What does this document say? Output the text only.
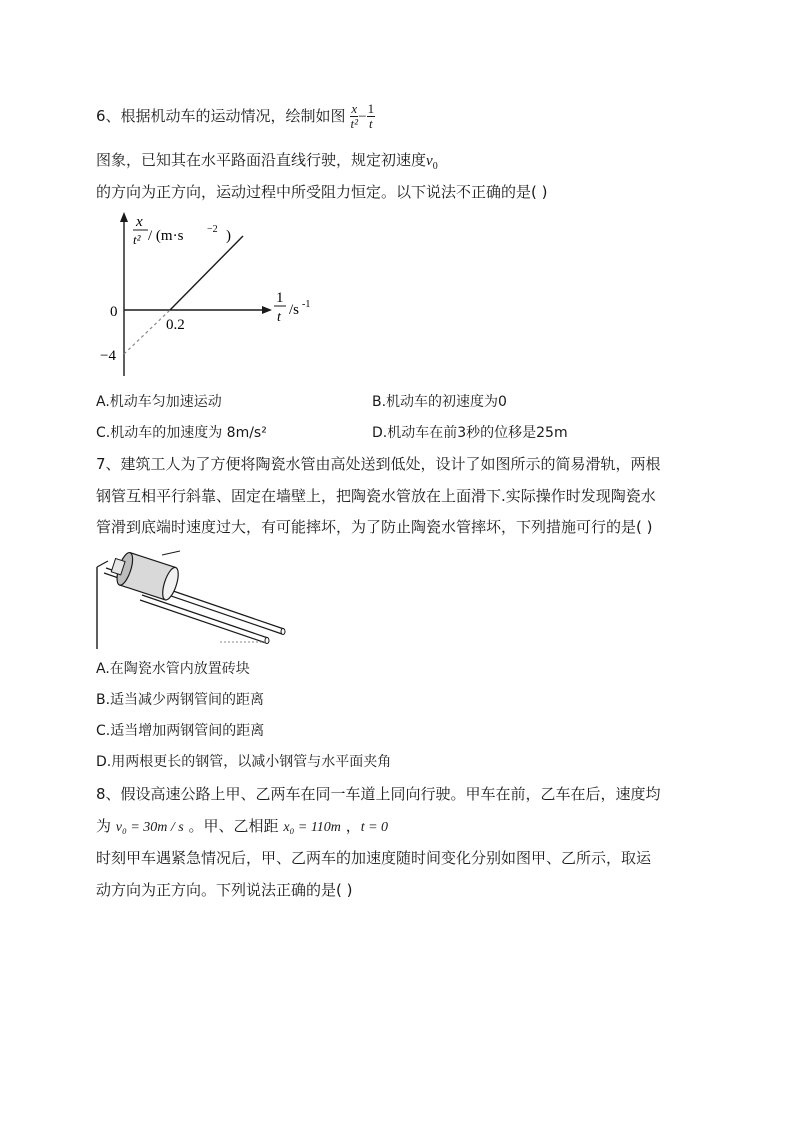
6、根据机动车的运动情况，绘制如图 $\frac{x}{\text{t²}} - \frac{1}{t}$
图象，已知其在水平路面沿直线行驶，规定初速度$v_0$
的方向为正方向，运动过程中所受阻力恒定。以下说法不正确的是( )
x
t² / (m·s −2 )
1
t /s -1
0
0.2
−4
A.机动车匀加速运动	B.机动车的初速度为0
C.机动车的加速度为 8m/s²	D.机动车在前3秒的位移是25m
7、建筑工人为了方便将陶瓷水管由高处送到低处，设计了如图所示的简易滑轨，两根
钢管互相平行斜靠、固定在墙壁上，把陶瓷水管放在上面滑下.实际操作时发现陶瓷水
管滑到底端时速度过大，有可能摔坏，为了防止陶瓷水管摔坏，下列措施可行的是( )
A.在陶瓷水管内放置砖块
B.适当减少两钢管间的距离
C.适当增加两钢管间的距离
D.用两根更长的钢管，以减小钢管与水平面夹角
8、假设高速公路上甲、乙两车在同一车道上同向行驶。甲车在前，乙车在后，速度均
为 v₀ = 30m / s 。甲、乙相距 x₀ = 110m ，t = 0
时刻甲车遇紧急情况后，甲、乙两车的加速度随时间变化分别如图甲、乙所示，取运
动方向为正方向。下列说法正确的是( )
